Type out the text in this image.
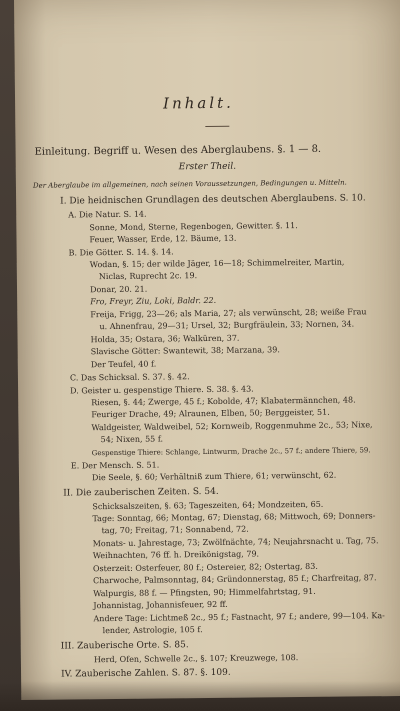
Inhalt.
Einleitung. Begriff u. Wesen des Aberglaubens. §. 1 — 8.
Erster Theil.
Der Aberglaube im allgemeinen, nach seinen Voraussetzungen, Bedingungen u. Mitteln.
I. Die heidnischen Grundlagen des deutschen Aberglaubens. S. 10.
A. Die Natur. S. 14.
Sonne, Mond, Sterne, Regenbogen, Gewitter. §. 11.
Feuer, Wasser, Erde, 12. Bäume, 13.
B. Die Götter. S. 14. §. 14.
Wodan, §. 15; der wilde Jäger, 16—18; Schimmelreiter, Martin,
Niclas, Ruprecht 2c. 19.
Donar, 20. 21.
Fro, Freyr, Ziu, Loki, Baldr. 22.
Freija, Frigg, 23—26; als Maria, 27; als verwünscht, 28; weiße Frau
u. Ahnenfrau, 29—31; Ursel, 32; Burgfräulein, 33; Nornen, 34.
Holda, 35; Ostara, 36; Walküren, 37.
Slavische Götter: Swantewit, 38; Marzana, 39.
Der Teufel, 40 f.
C. Das Schicksal. S. 37. §. 42.
D. Geister u. gespenstige Thiere. S. 38. §. 43.
Riesen, §. 44; Zwerge, 45 f.; Kobolde, 47; Klabatermännchen, 48.
Feuriger Drache, 49; Alraunen, Elben, 50; Berggeister, 51.
Waldgeister, Waldweibel, 52; Kornweib, Roggenmuhme 2c., 53; Nixe,
54; Nixen, 55 f.
Gespenstige Thiere: Schlange, Lintwurm, Drache 2c., 57 f.; andere Thiere, 59.
E. Der Mensch. S. 51.
Die Seele, §. 60; Verhältniß zum Thiere, 61; verwünscht, 62.
II. Die zauberischen Zeiten. S. 54.
Schicksalszeiten, §. 63; Tageszeiten, 64; Mondzeiten, 65.
Tage: Sonntag, 66; Montag, 67; Dienstag, 68; Mittwoch, 69; Donners-
tag, 70; Freitag, 71; Sonnabend, 72.
Monats- u. Jahrestage, 73; Zwölfnächte, 74; Neujahrsnacht u. Tag, 75.
Weihnachten, 76 ff. h. Dreikönigstag, 79.
Osterzeit: Osterfeuer, 80 f.; Ostereier, 82; Ostertag, 83.
Charwoche, Palmsonntag, 84; Gründonnerstag, 85 f.; Charfreitag, 87.
Walpurgis, 88 f. — Pfingsten, 90; Himmelfahrtstag, 91.
Johannistag, Johannisfeuer, 92 ff.
Andere Tage: Lichtmeß 2c., 95 f.; Fastnacht, 97 f.; andere, 99—104. Ka-
lender, Astrologie, 105 f.
III. Zauberische Orte. S. 85.
Herd, Ofen, Schwelle 2c., §. 107; Kreuzwege, 108.
IV. Zauberische Zahlen. S. 87. §. 109.
